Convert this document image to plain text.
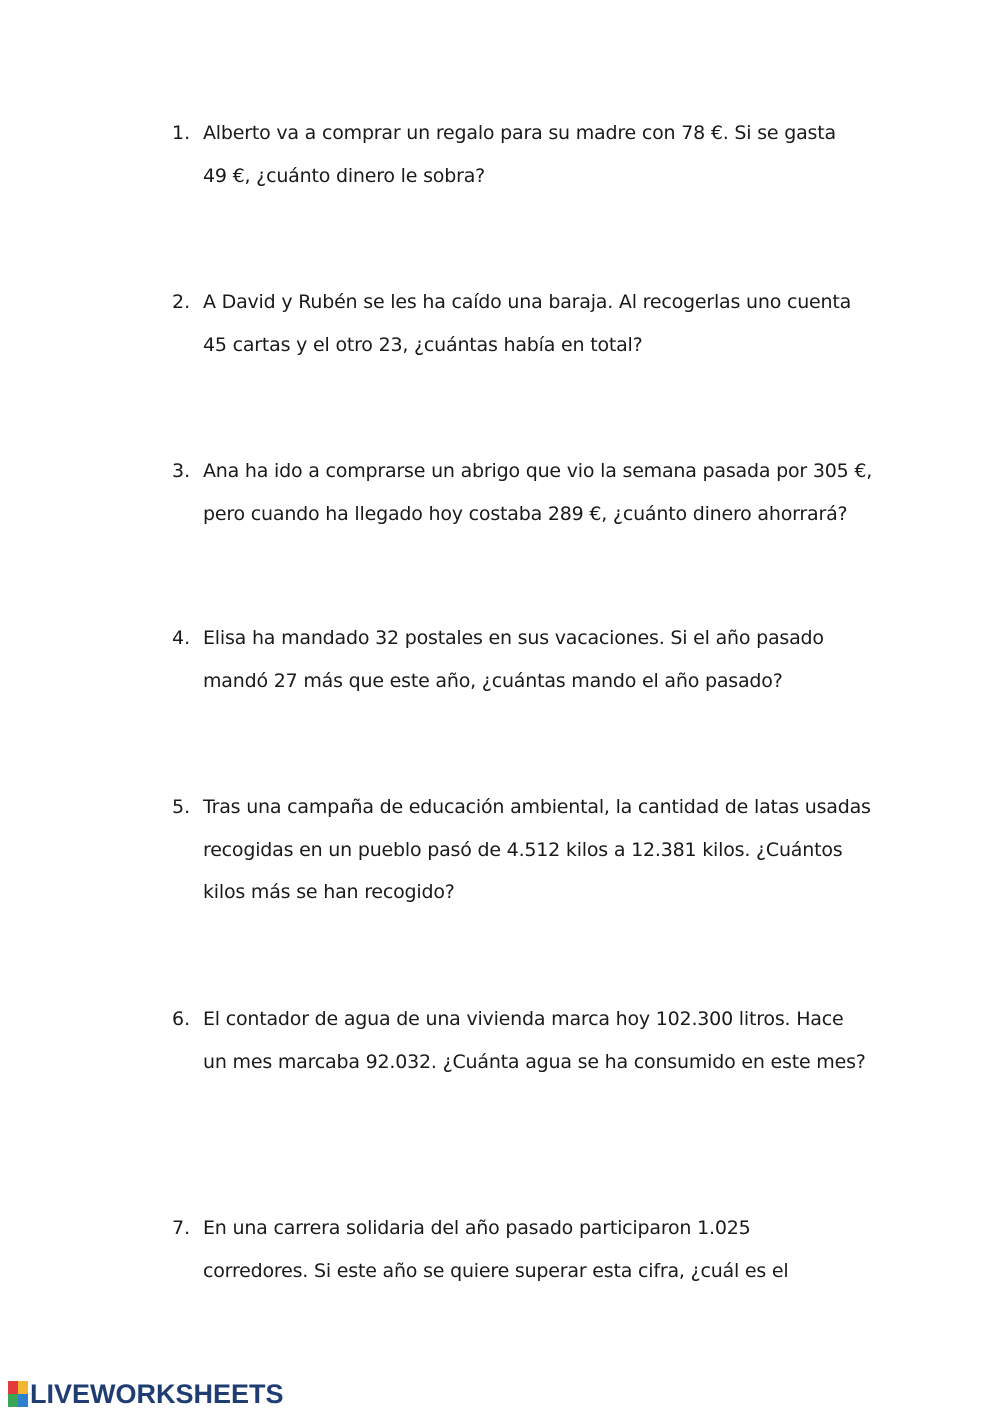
1. Alberto va a comprar un regalo para su madre con 78 €. Si se gasta
49 €, ¿cuánto dinero le sobra?
2. A David y Rubén se les ha caído una baraja. Al recogerlas uno cuenta
45 cartas y el otro 23, ¿cuántas había en total?
3. Ana ha ido a comprarse un abrigo que vio la semana pasada por 305 €,
pero cuando ha llegado hoy costaba 289 €, ¿cuánto dinero ahorrará?
4. Elisa ha mandado 32 postales en sus vacaciones. Si el año pasado
mandó 27 más que este año, ¿cuántas mando el año pasado?
5. Tras una campaña de educación ambiental, la cantidad de latas usadas
recogidas en un pueblo pasó de 4.512 kilos a 12.381 kilos. ¿Cuántos
kilos más se han recogido?
6. El contador de agua de una vivienda marca hoy 102.300 litros. Hace
un mes marcaba 92.032. ¿Cuánta agua se ha consumido en este mes?
7. En una carrera solidaria del año pasado participaron 1.025
corredores. Si este año se quiere superar esta cifra, ¿cuál es el
LIVEWORKSHEETS
